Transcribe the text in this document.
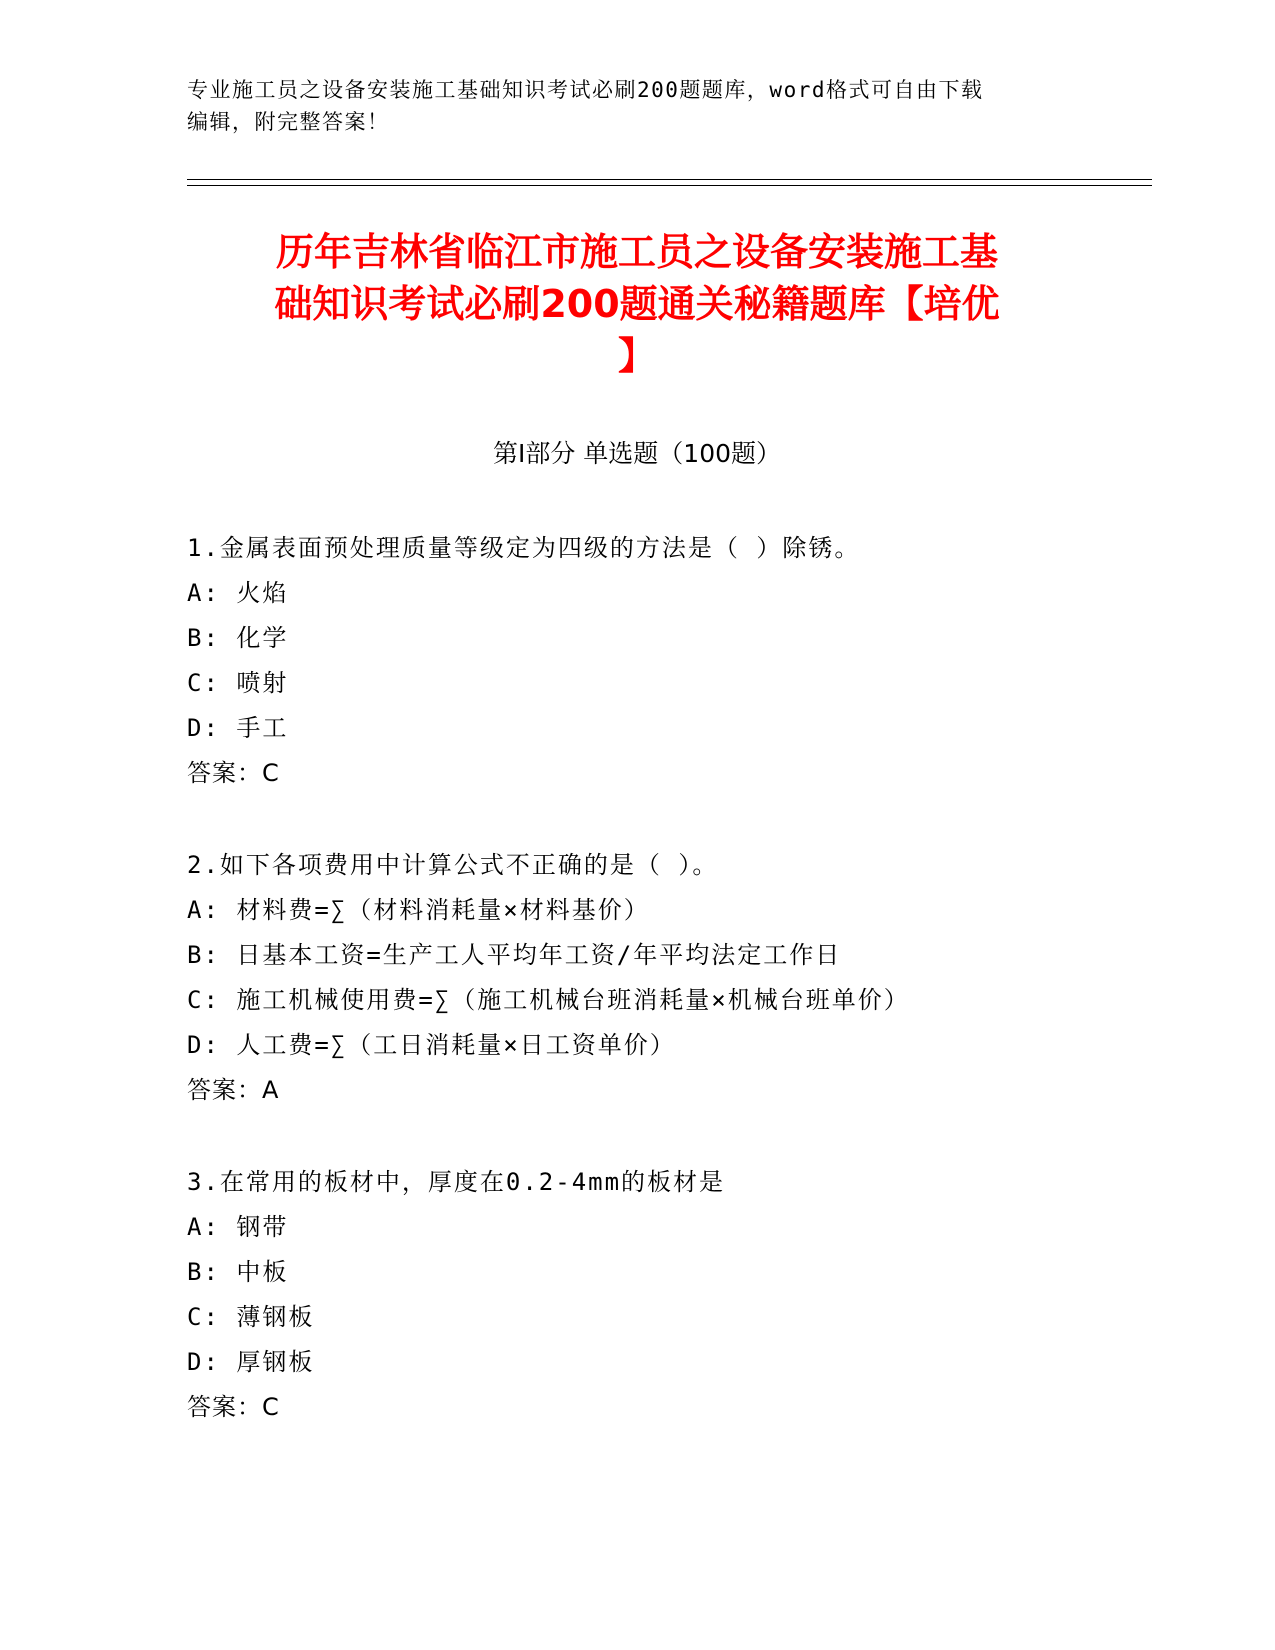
专业施工员之设备安装施工基础知识考试必刷200题题库，word格式可自由下载
编辑，附完整答案！
历年吉林省临江市施工员之设备安装施工基
础知识考试必刷200题通关秘籍题库【培优
】
第Ⅰ部分 单选题（100题）
1.金属表面预处理质量等级定为四级的方法是（ ）除锈。
A: 火焰
B: 化学
C: 喷射
D: 手工
答案：C
2.如下各项费用中计算公式不正确的是（ ）。
A: 材料费=∑（材料消耗量×材料基价）
B: 日基本工资=生产工人平均年工资/年平均法定工作日
C: 施工机械使用费=∑（施工机械台班消耗量×机械台班单价）
D: 人工费=∑（工日消耗量×日工资单价）
答案：A
3.在常用的板材中，厚度在0.2-4mm的板材是
A: 钢带
B: 中板
C: 薄钢板
D: 厚钢板
答案：C
